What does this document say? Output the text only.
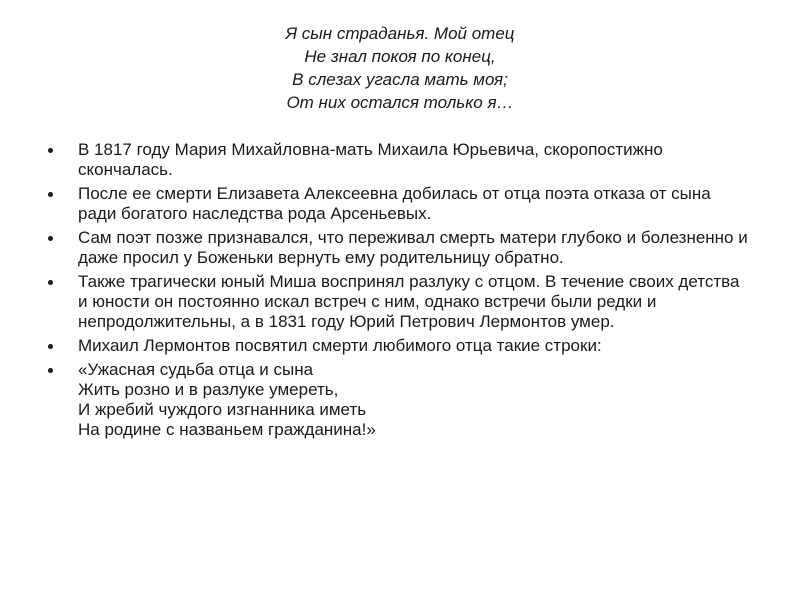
Я сын страданья. Мой отец
Не знал покоя по конец,
В слезах угасла мать моя;
От них остался только я…
В 1817 году Мария Михайловна-мать Михаила Юрьевича, скоропостижно скончалась.
После ее смерти Елизавета Алексеевна добилась от отца поэта отказа от сына ради богатого наследства рода Арсеньевых.
Сам поэт позже признавался, что переживал смерть матери глубоко и болезненно и даже просил у Боженьки вернуть ему родительницу обратно.
Также трагически юный Миша воспринял разлуку с отцом. В течение своих детства и юности он постоянно искал встреч с ним, однако встречи были редки и непродолжительны, а в 1831 году Юрий Петрович Лермонтов умер.
Михаил Лермонтов посвятил смерти любимого отца такие строки:
«Ужасная судьба отца и сына
Жить розно и в разлуке умереть,
И жребий чуждого изгнанника иметь
На родине с названьем гражданина!»
